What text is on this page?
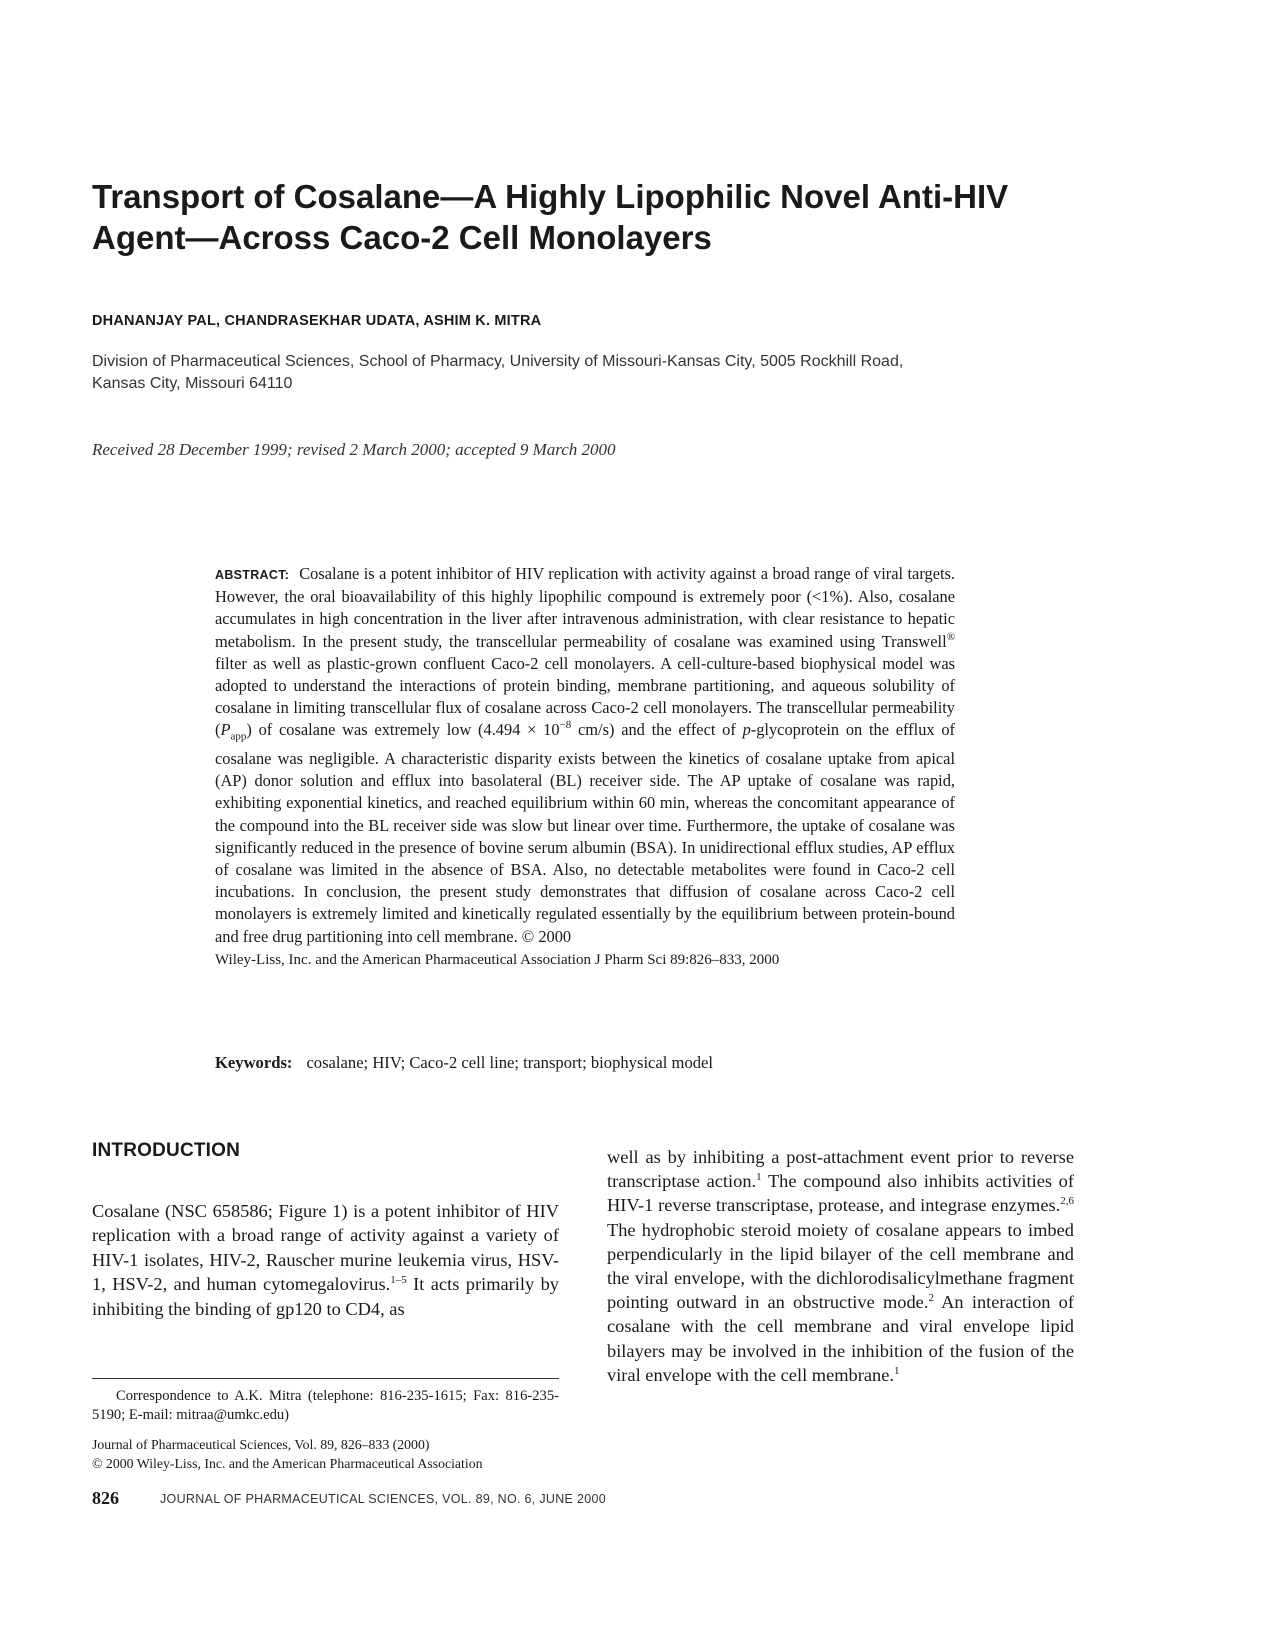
Transport of Cosalane—A Highly Lipophilic Novel Anti-HIV
Agent—Across Caco-2 Cell Monolayers
DHANANJAY PAL, CHANDRASEKHAR UDATA, ASHIM K. MITRA
Division of Pharmaceutical Sciences, School of Pharmacy, University of Missouri-Kansas City, 5005 Rockhill Road,
Kansas City, Missouri 64110
Received 28 December 1999; revised 2 March 2000; accepted 9 March 2000
ABSTRACT: Cosalane is a potent inhibitor of HIV replication with activity against a broad range of viral targets. However, the oral bioavailability of this highly lipophilic compound is extremely poor (<1%). Also, cosalane accumulates in high concentration in the liver after intravenous administration, with clear resistance to hepatic metabolism. In the present study, the transcellular permeability of cosalane was examined using Transwell® filter as well as plastic-grown confluent Caco-2 cell monolayers. A cell-culture-based biophysical model was adopted to understand the interactions of protein binding, membrane partitioning, and aqueous solubility of cosalane in limiting transcellular flux of cosalane across Caco-2 cell monolayers. The transcellular permeability $(P_{app})$ of cosalane was extremely low ($4.494 \times 10^{-8}$ cm/s) and the effect of p-glycoprotein on the efflux of cosalane was negligible. A characteristic disparity exists between the kinetics of cosalane uptake from apical (AP) donor solution and efflux into basolateral (BL) receiver side. The AP uptake of cosalane was rapid, exhibiting exponential kinetics, and reached equilibrium within 60 min, whereas the concomitant appearance of the compound into the BL receiver side was slow but linear over time. Furthermore, the uptake of cosalane was significantly reduced in the presence of bovine serum albumin (BSA). In unidirectional efflux studies, AP efflux of cosalane was limited in the absence of BSA. Also, no detectable metabolites were found in Caco-2 cell incubations. In conclusion, the present study demonstrates that diffusion of cosalane across Caco-2 cell monolayers is extremely limited and kinetically regulated essentially by the equilibrium between protein-bound and free drug partitioning into cell membrane. © 2000
Wiley-Liss, Inc. and the American Pharmaceutical Association J Pharm Sci 89:826–833, 2000
Keywords: cosalane; HIV; Caco-2 cell line; transport; biophysical model
INTRODUCTION
Cosalane (NSC 658586; Figure 1) is a potent inhibitor of HIV replication with a broad range of activity against a variety of HIV-1 isolates, HIV-2, Rauscher murine leukemia virus, HSV-1, HSV-2, and human cytomegalovirus.$^{1-5}$ It acts primarily by inhibiting the binding of gp120 to CD4, as
well as by inhibiting a post-attachment event prior to reverse transcriptase action.$^1$ The compound also inhibits activities of HIV-1 reverse transcriptase, protease, and integrase enzymes.$^{2,6}$ The hydrophobic steroid moiety of cosalane appears to imbed perpendicularly in the lipid bilayer of the cell membrane and the viral envelope, with the dichlorodisalicylmethane fragment pointing outward in an obstructive mode.$^2$ An interaction of cosalane with the cell membrane and viral envelope lipid bilayers may be involved in the inhibition of the fusion of the viral envelope with the cell membrane.$^1$
Correspondence to A.K. Mitra (telephone: 816-235-1615; Fax: 816-235-5190; E-mail: mitraa@umkc.edu)
Journal of Pharmaceutical Sciences, Vol. 89, 826–833 (2000)
© 2000 Wiley-Liss, Inc. and the American Pharmaceutical Association
826	JOURNAL OF PHARMACEUTICAL SCIENCES, VOL. 89, NO. 6, JUNE 2000
